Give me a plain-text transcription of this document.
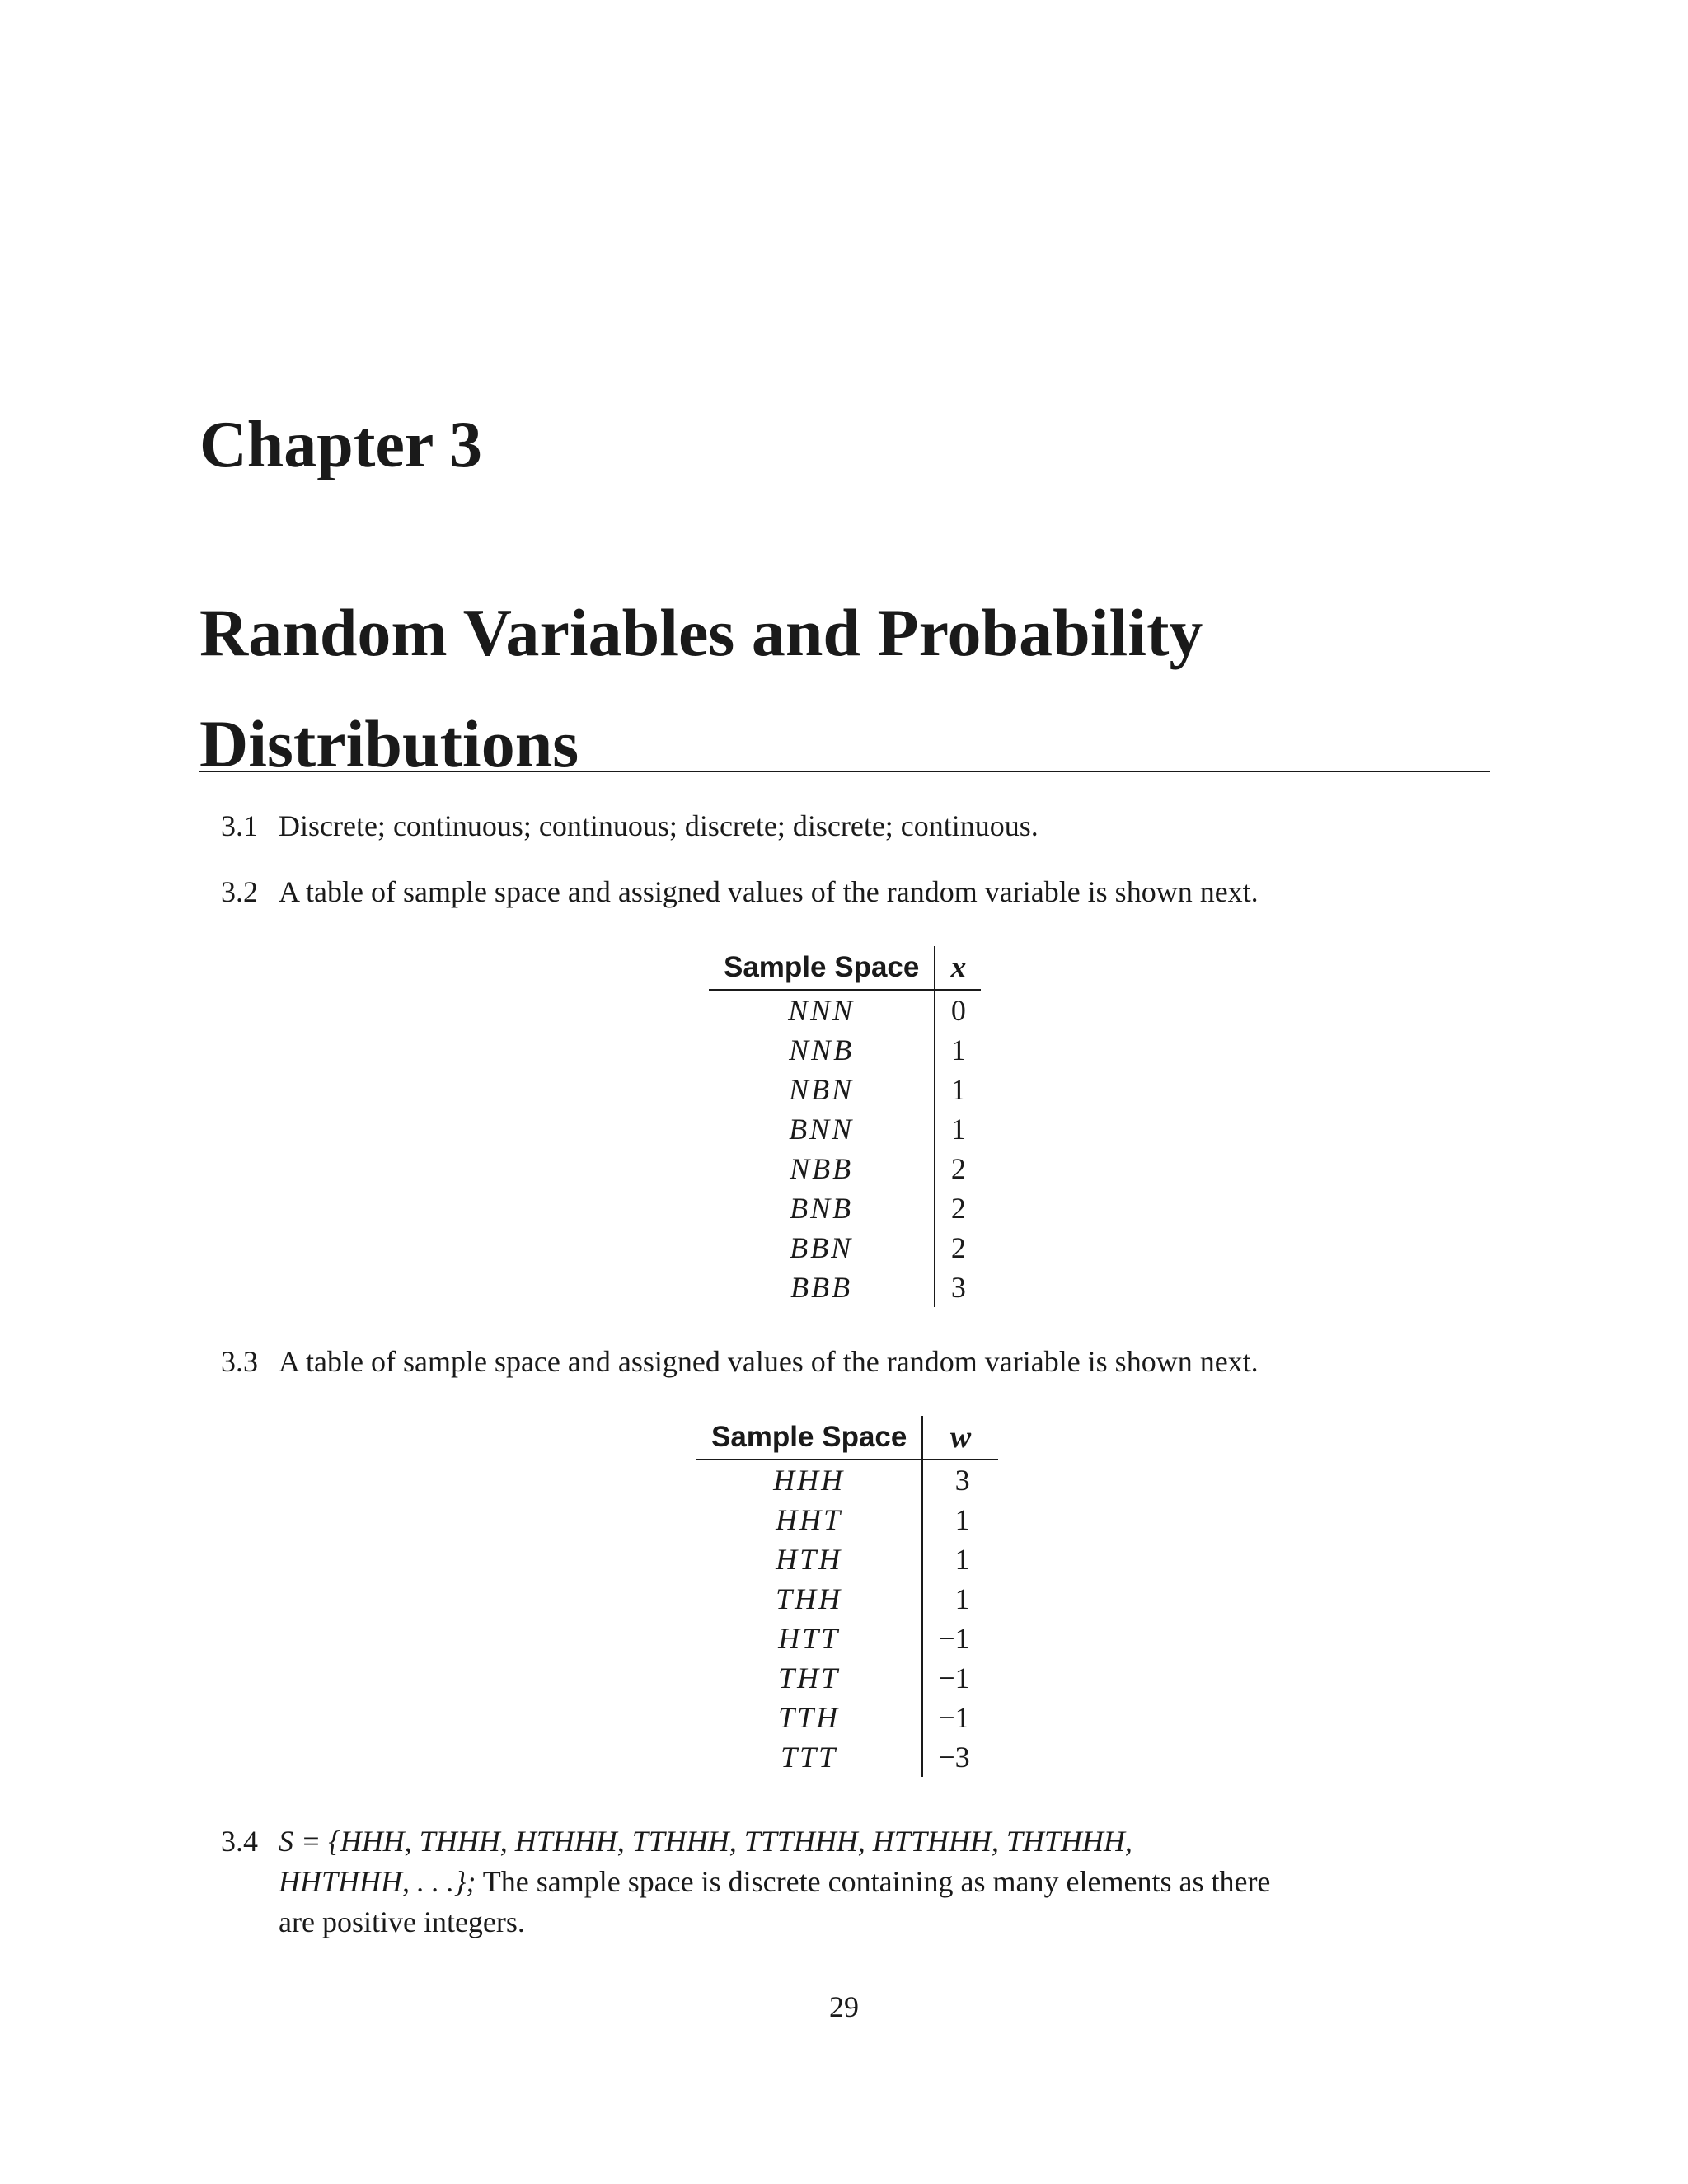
Chapter 3
Random Variables and Probability Distributions

3.1 Discrete; continuous; continuous; discrete; discrete; continuous.

3.2 A table of sample space and assigned values of the random variable is shown next.

Sample Space	x
NNN	0
NNB	1
NBN	1
BNN	1
NBB	2
BNB	2
BBN	2
BBB	3

3.3 A table of sample space and assigned values of the random variable is shown next.

Sample Space	w
HHH	3
HHT	1
HTH	1
THH	1
HTT	−1
THT	−1
TTH	−1
TTT	−3
3.4 S = {HHH, THHH, HTHHH, TTHHH, TTTHHH, HTTHHH, THTHHH,
HHTHHH, . . .}; The sample space is discrete containing as many elements as there
are positive integers.
29
